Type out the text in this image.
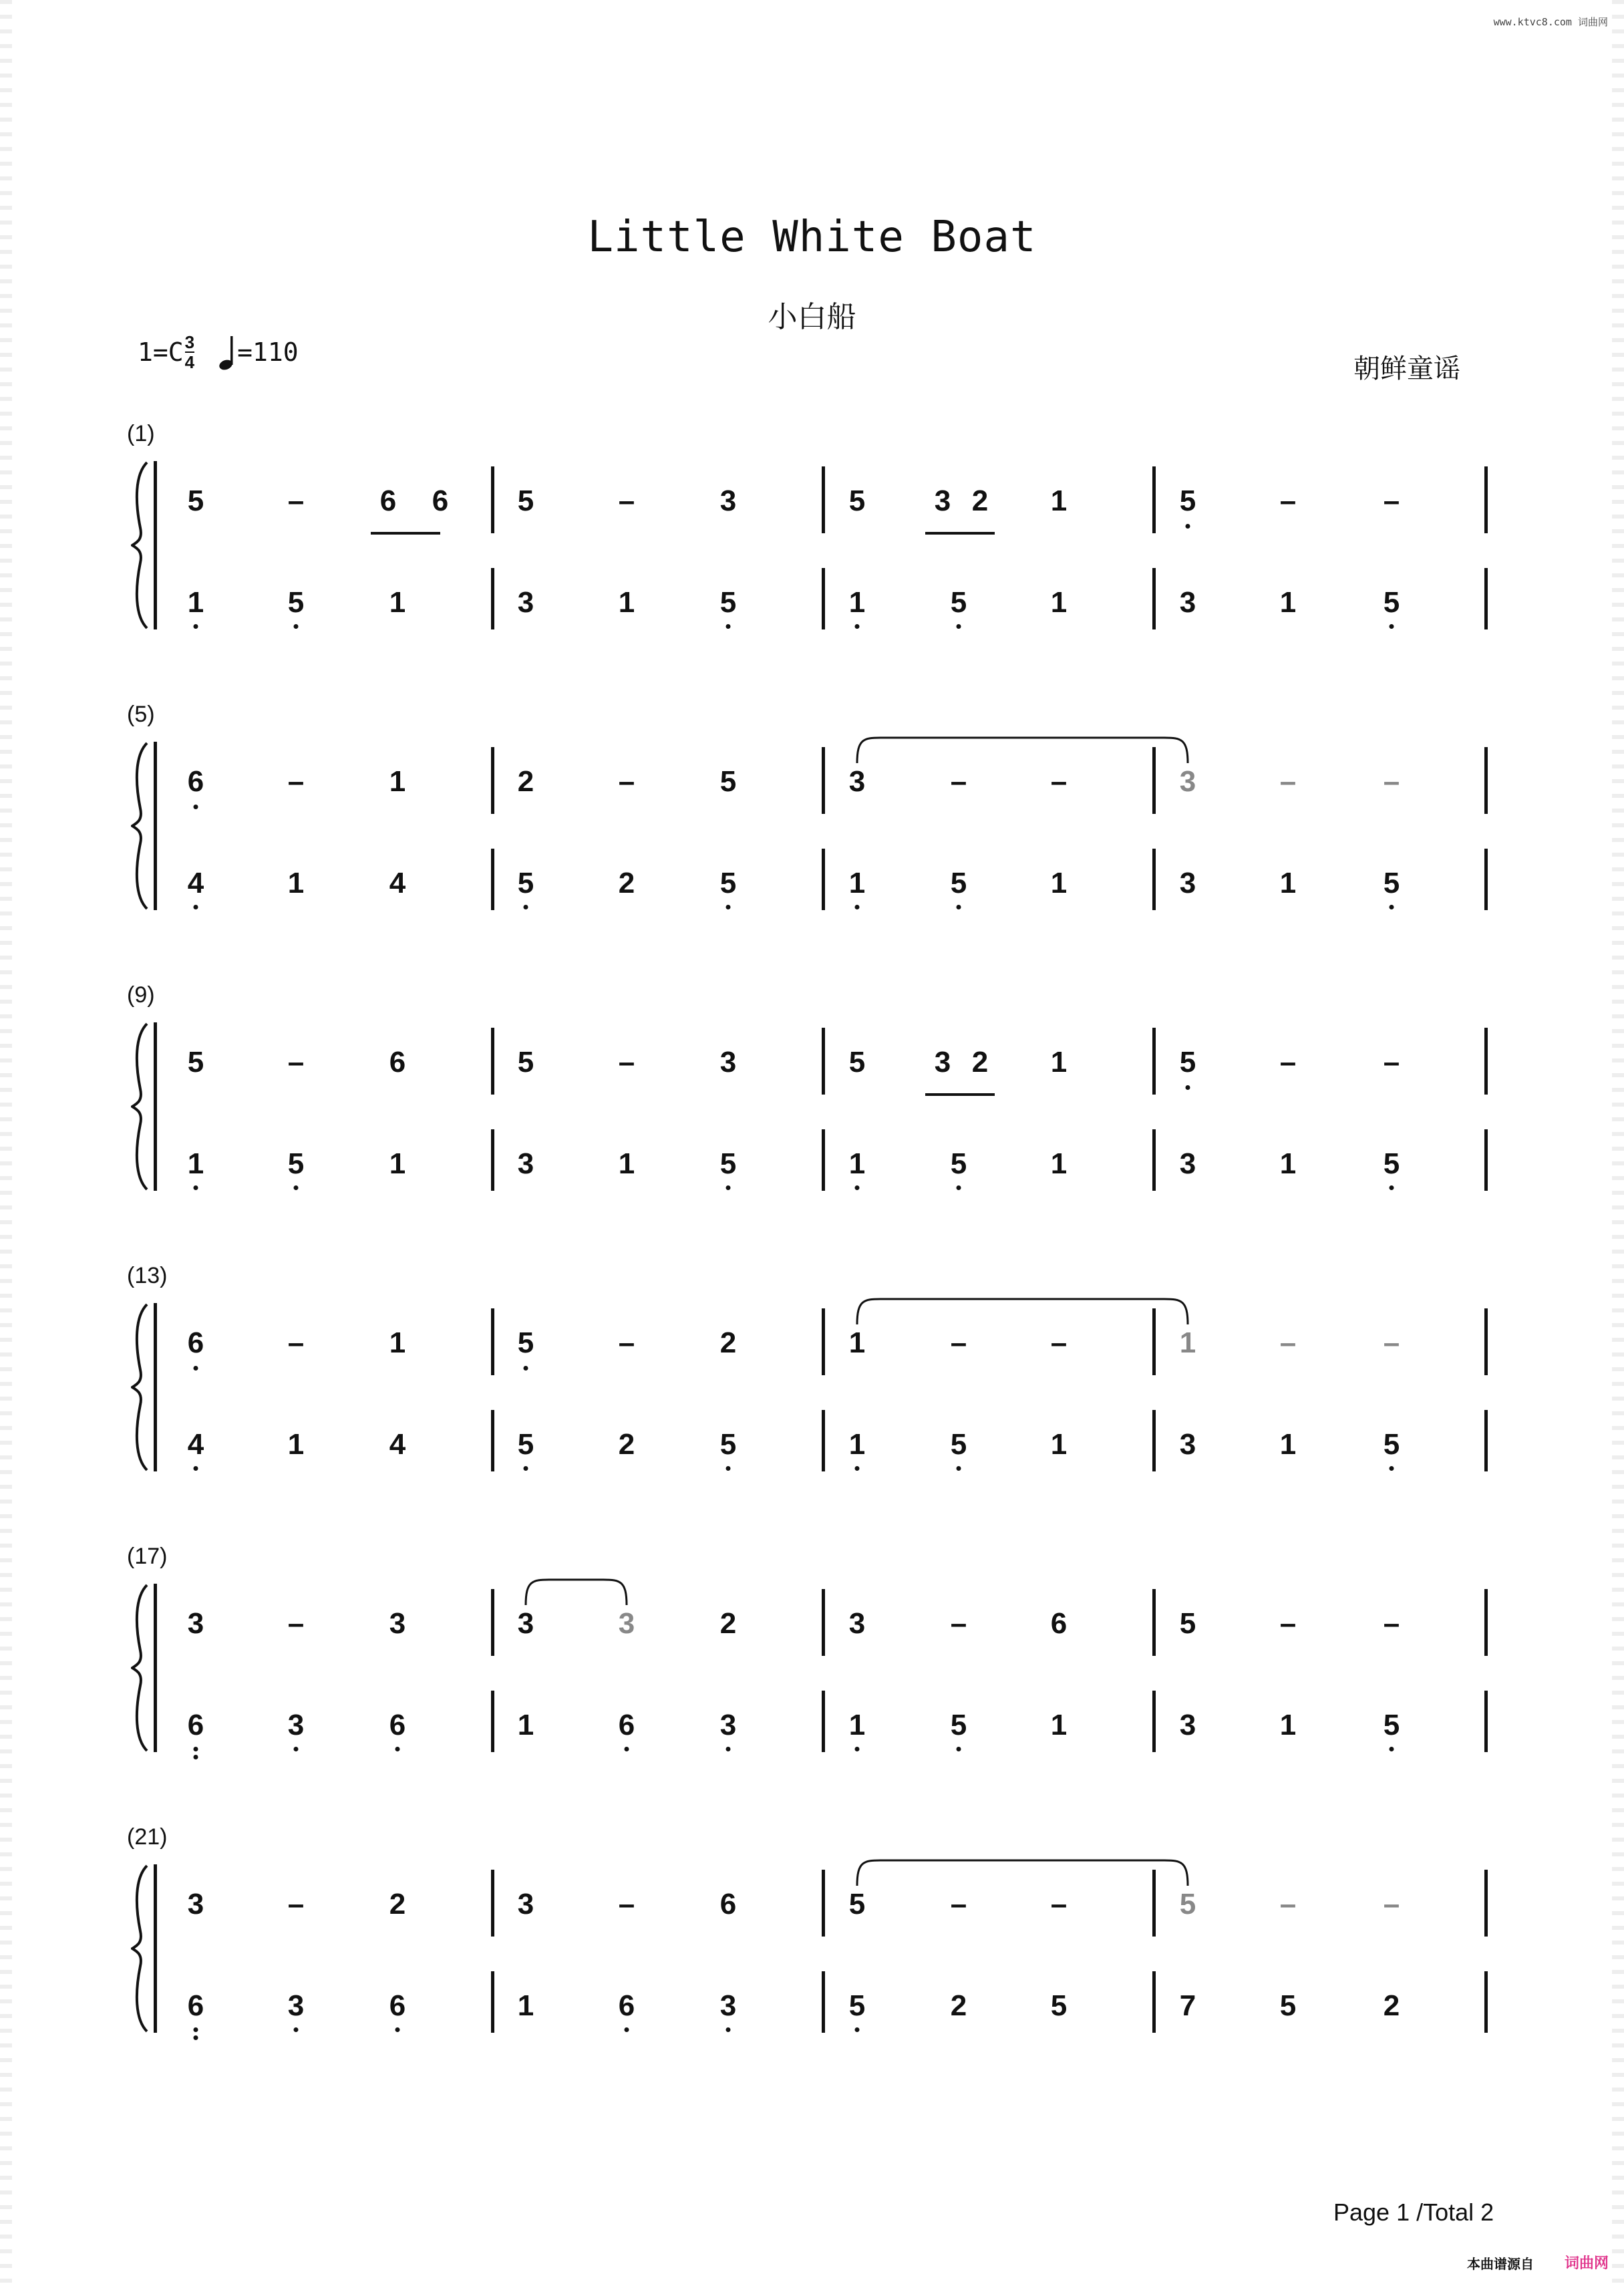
www.ktvc8.com 词曲网
Little White Boat
小白船
$1=C \frac{3}{4} =110$
朝鲜童谣
(1)
5	–	6 6 5	–	3	5 3 2 1	5	–	–
1	5	1	3	1	5	1	5	1	3	1	5
(5)
6	–	1	2	–	5	3	–	–	3	–	–
4	1	4	5	2	5	1	5	1	3	1	5
(9)
5	–	6	5	–	3	5 3 2 1	5	–	–
1	5	1	3	1	5	1	5	1	3	1	5
(13)
6	–	1	5	–	2	1	–	–	1	–	–
4	1	4	5	2	5	1	5	1	3	1	5
(17)
3	–	3	3	3	2	3	–	6	5	–	–
6	3	6	1	6	3	1	5	1	3	1	5
(21)
3	–	2	3	–	6	5	–	–	5	–	–
6	3	6	1	6	3	5	2	5	7	5	2
Page 1 /Total 2
本曲谱源自 词曲网
